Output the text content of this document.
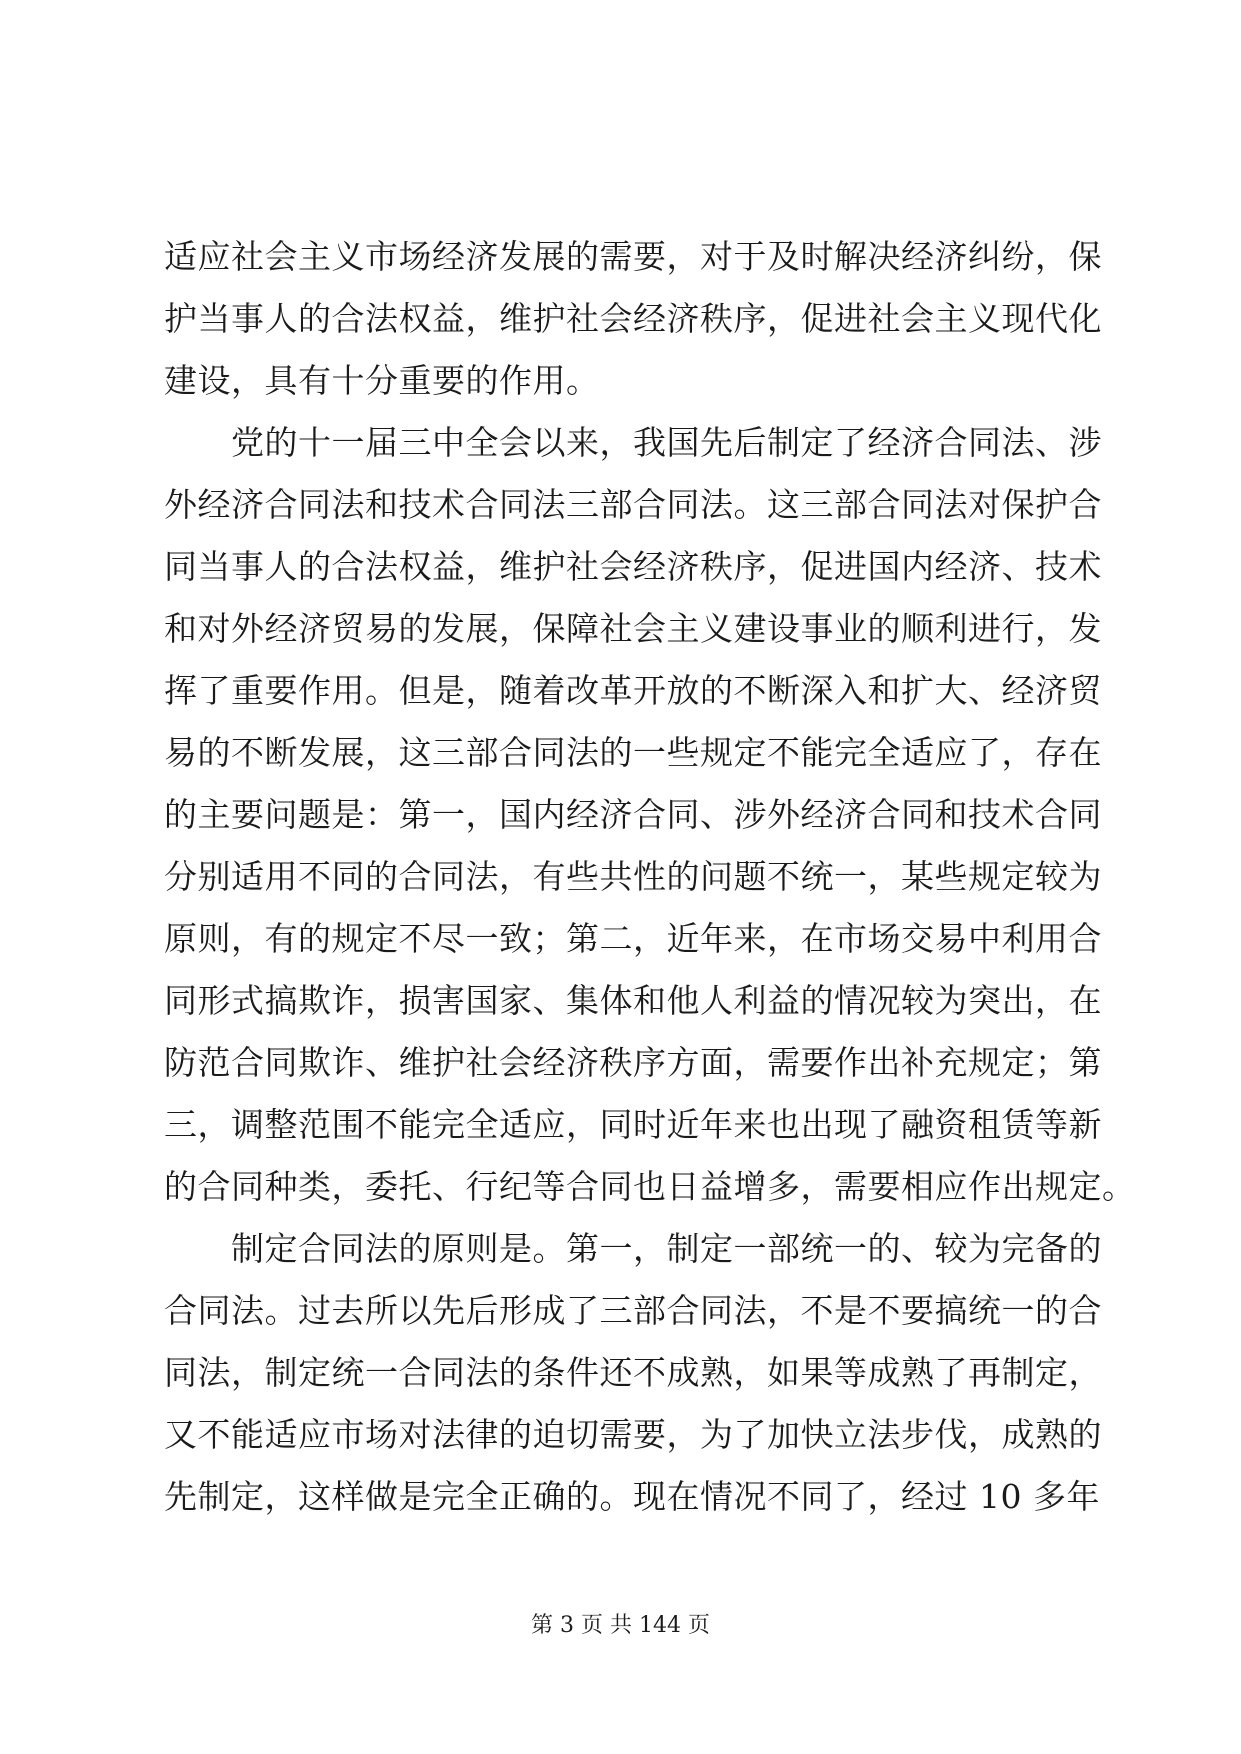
适应社会主义市场经济发展的需要，对于及时解决经济纠纷，保
护当事人的合法权益，维护社会经济秩序，促进社会主义现代化
建设，具有十分重要的作用。
　　党的十一届三中全会以来，我国先后制定了经济合同法、涉
外经济合同法和技术合同法三部合同法。这三部合同法对保护合
同当事人的合法权益，维护社会经济秩序，促进国内经济、技术
和对外经济贸易的发展，保障社会主义建设事业的顺利进行，发
挥了重要作用。但是，随着改革开放的不断深入和扩大、经济贸
易的不断发展，这三部合同法的一些规定不能完全适应了，存在
的主要问题是：第一，国内经济合同、涉外经济合同和技术合同
分别适用不同的合同法，有些共性的问题不统一，某些规定较为
原则，有的规定不尽一致；第二，近年来，在市场交易中利用合
同形式搞欺诈，损害国家、集体和他人利益的情况较为突出，在
防范合同欺诈、维护社会经济秩序方面，需要作出补充规定；第
三，调整范围不能完全适应，同时近年来也出现了融资租赁等新
的合同种类，委托、行纪等合同也日益增多，需要相应作出规定。
　　制定合同法的原则是。第一，制定一部统一的、较为完备的
合同法。过去所以先后形成了三部合同法，不是不要搞统一的合
同法，制定统一合同法的条件还不成熟，如果等成熟了再制定，
又不能适应市场对法律的迫切需要，为了加快立法步伐，成熟的
先制定，这样做是完全正确的。现在情况不同了，经过 10 多年
第 3 页 共 144 页
